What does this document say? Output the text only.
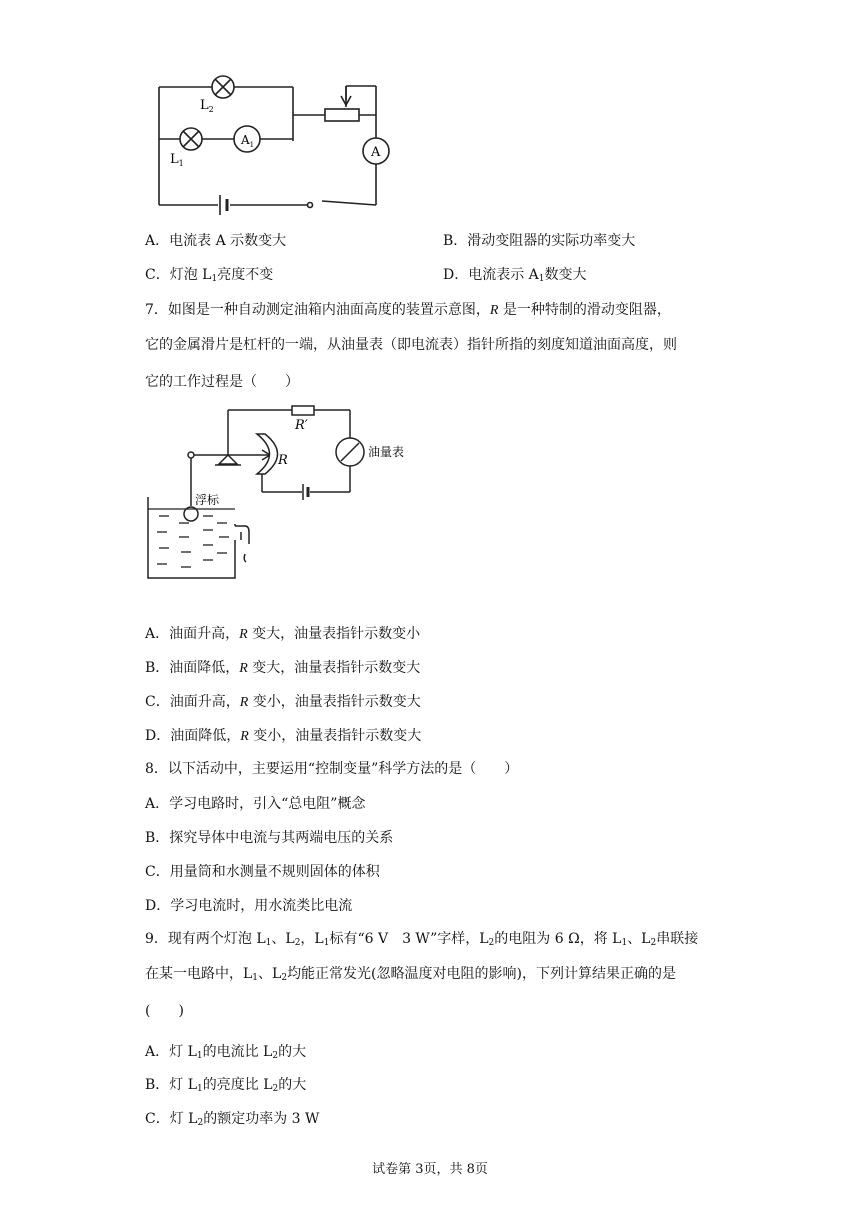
$L_2$
$L_1$
$A_1$	A
A．电流表 A 示数变大	B．滑动变阻器的实际功率变大
C．灯泡 $L_1$亮度不变	D．电流表示 $A_1$数变大
7．如图是一种自动测定油箱内油面高度的装置示意图，R 是一种特制的滑动变阻器，
它的金属滑片是杠杆的一端，从油量表（即电流表）指针所指的刻度知道油面高度，则
它的工作过程是（　　）
R′
R
油量表
浮标
A．油面升高，R 变大，油量表指针示数变小
B．油面降低，R 变大，油量表指针示数变大
C．油面升高，R 变小，油量表指针示数变大
D．油面降低，R 变小，油量表指针示数变大
8．以下活动中，主要运用“控制变量”科学方法的是（　　）
A．学习电路时，引入“总电阻”概念
B．探究导体中电流与其两端电压的关系
C．用量筒和水测量不规则固体的体积
D．学习电流时，用水流类比电流
9．现有两个灯泡 $L_1$、$L_2$，$L_1$标有“6 V　3 W”字样，$L_2$的电阻为 6 Ω，将 $L_1$、$L_2$串联接
在某一电路中，$L_1$、$L_2$均能正常发光(忽略温度对电阻的影响)，下列计算结果正确的是
(　　)
A．灯 $L_1$的电流比 $L_2$的大
B．灯 $L_1$的亮度比 $L_2$的大
C．灯 $L_2$的额定功率为 3 W
试卷第 3页，共 8页
